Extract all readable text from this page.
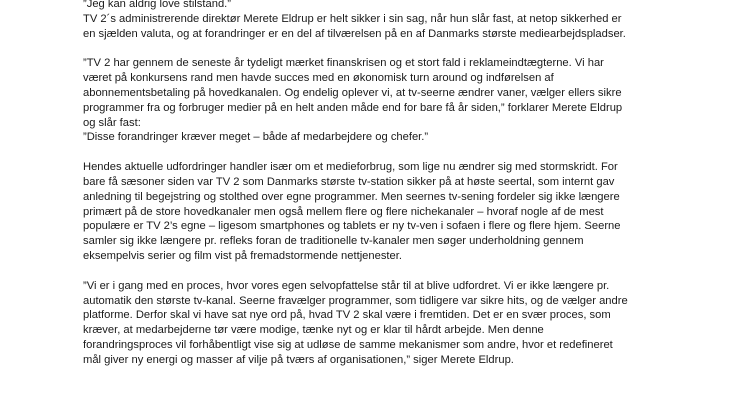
”Jeg kan aldrig love stilstand.”
TV 2´s administrerende direktør Merete Eldrup er helt sikker i sin sag, når hun slår fast, at netop sikkerhed er
en sjælden valuta, og at forandringer er en del af tilværelsen på en af Danmarks største mediearbejdspladser.
”TV 2 har gennem de seneste år tydeligt mærket finanskrisen og et stort fald i reklameindtægterne. Vi har
været på konkursens rand men havde succes med en økonomisk turn around og indførelsen af
abonnementsbetaling på hovedkanalen. Og endelig oplever vi, at tv-seerne ændrer vaner, vælger ellers sikre
programmer fra og forbruger medier på en helt anden måde end for bare få år siden,” forklarer Merete Eldrup
og slår fast:
”Disse forandringer kræver meget – både af medarbejdere og chefer.”
Hendes aktuelle udfordringer handler især om et medieforbrug, som lige nu ændrer sig med stormskridt. For
bare få sæsoner siden var TV 2 som Danmarks største tv-station sikker på at høste seertal, som internt gav
anledning til begejstring og stolthed over egne programmer. Men seernes tv-sening fordeler sig ikke længere
primært på de store hovedkanaler men også mellem flere og flere nichekanaler – hvoraf nogle af de mest
populære er TV 2’s egne – ligesom smartphones og tablets er ny tv-ven i sofaen i flere og flere hjem. Seerne
samler sig ikke længere pr. refleks foran de traditionelle tv-kanaler men søger underholdning gennem
eksempelvis serier og film vist på fremadstormende nettjenester.
”Vi er i gang med en proces, hvor vores egen selvopfattelse står til at blive udfordret. Vi er ikke længere pr.
automatik den største tv-kanal. Seerne fravælger programmer, som tidligere var sikre hits, og de vælger andre
platforme. Derfor skal vi have sat nye ord på, hvad TV 2 skal være i fremtiden. Det er en svær proces, som
kræver, at medarbejderne tør være modige, tænke nyt og er klar til hårdt arbejde. Men denne
forandringsproces vil forhåbentligt vise sig at udløse de samme mekanismer som andre, hvor et redefineret
mål giver ny energi og masser af vilje på tværs af organisationen,” siger Merete Eldrup.
